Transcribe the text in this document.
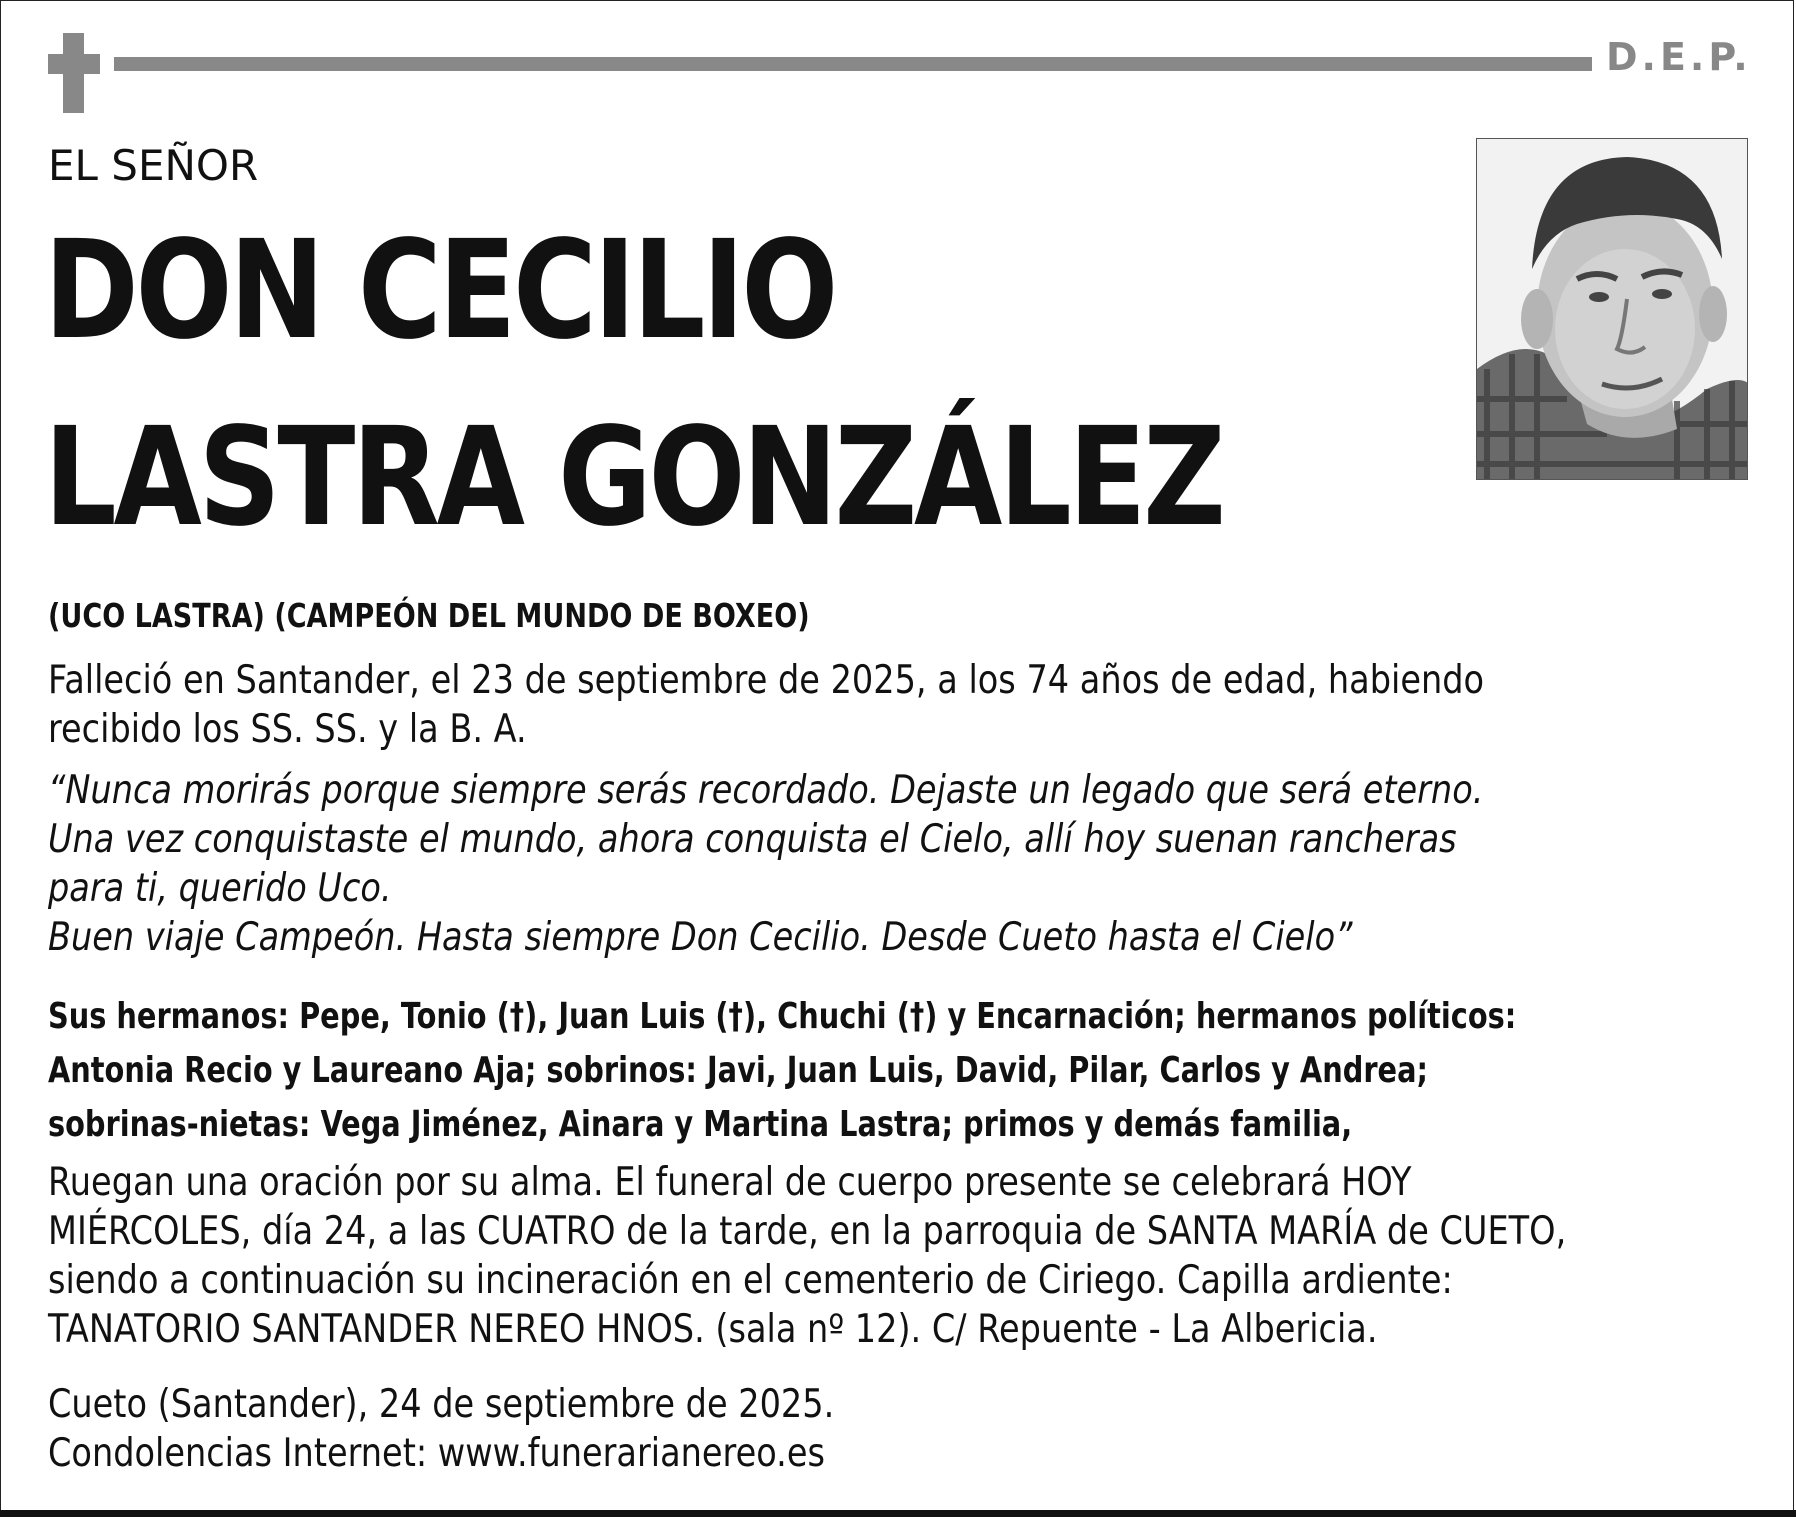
D.E.P.
EL SEÑOR
DON CECILIO
LASTRA GONZÁLEZ
(UCO LASTRA) (CAMPEÓN DEL MUNDO DE BOXEO)
Falleció en Santander, el 23 de septiembre de 2025, a los 74 años de edad, habiendo
recibido los SS. SS. y la B. A.
“Nunca morirás porque siempre serás recordado. Dejaste un legado que será eterno.
Una vez conquistaste el mundo, ahora conquista el Cielo, allí hoy suenan rancheras
para ti, querido Uco.
Buen viaje Campeón. Hasta siempre Don Cecilio. Desde Cueto hasta el Cielo”
Sus hermanos: Pepe, Tonio (†), Juan Luis (†), Chuchi (†) y Encarnación; hermanos políticos:
Antonia Recio y Laureano Aja; sobrinos: Javi, Juan Luis, David, Pilar, Carlos y Andrea;
sobrinas-nietas: Vega Jiménez, Ainara y Martina Lastra; primos y demás familia,
Ruegan una oración por su alma. El funeral de cuerpo presente se celebrará HOY
MIÉRCOLES, día 24, a las CUATRO de la tarde, en la parroquia de SANTA MARÍA de CUETO,
siendo a continuación su incineración en el cementerio de Ciriego. Capilla ardiente:
TANATORIO SANTANDER NEREO HNOS. (sala nº 12). C/ Repuente - La Albericia.
Cueto (Santander), 24 de septiembre de 2025.
Condolencias Internet: www.funerarianereo.es
